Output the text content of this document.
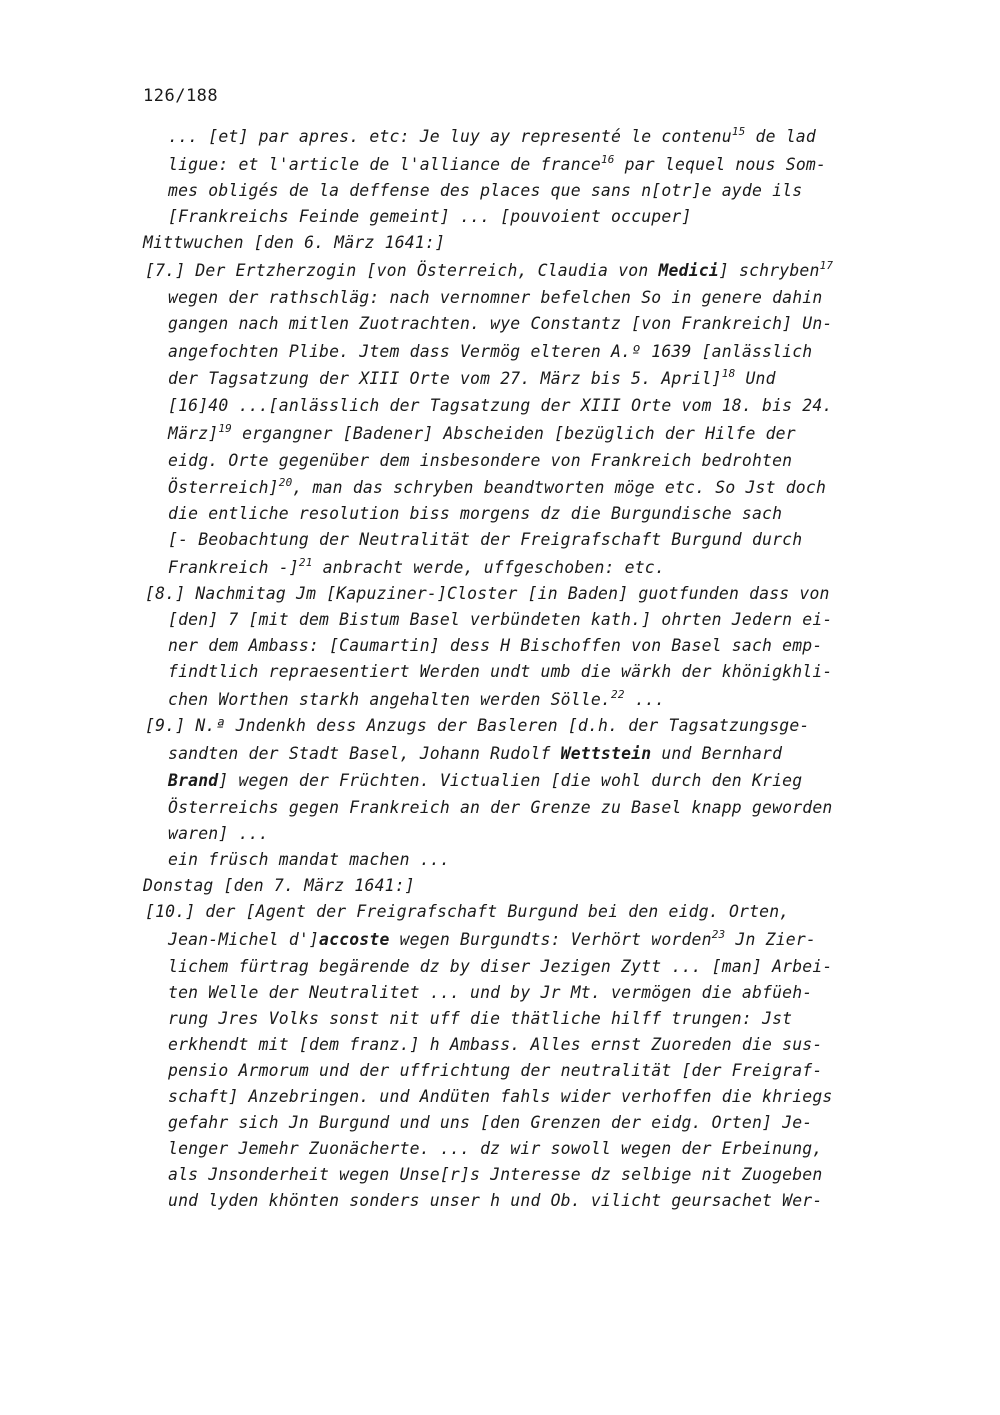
126/188
... [et] par apres. etc: Je luy ay representé le contenu$^{15}$ de lad
ligue: et l'article de l'alliance de france$^{16}$ par lequel nous Som-
mes obligés de la deffense des places que sans n[otr]e ayde ils
[Frankreichs Feinde gemeint] ... [pouvoient occuper]
Mittwuchen [den 6. März 1641:]
[7.] Der Ertzherzogin [von Österreich, Claudia von Medici] schryben$^{17}$
wegen der rathschläg: nach vernomner befelchen So in genere dahin
gangen nach mitlen Zuotrachten. wye Constantz [von Frankreich] Un-
angefochten Plibe. Jtem dass Vermög elteren A.º 1639 [anlässlich
der Tagsatzung der XIII Orte vom 27. März bis 5. April]$^{18}$ Und
[16]40 ...[anlässlich der Tagsatzung der XIII Orte vom 18. bis 24.
März]$^{19}$ ergangner [Badener] Abscheiden [bezüglich der Hilfe der
eidg. Orte gegenüber dem insbesondere von Frankreich bedrohten
Österreich]$^{20}$, man das schryben beandtworten möge etc. So Jst doch
die entliche resolution biss morgens dz die Burgundische sach
[- Beobachtung der Neutralität der Freigrafschaft Burgund durch
Frankreich -]$^{21}$ anbracht werde, uffgeschoben: etc.
[8.] Nachmitag Jm [Kapuziner-]Closter [in Baden] guotfunden dass von
[den] 7 [mit dem Bistum Basel verbündeten kath.] ohrten Jedern ei-
ner dem Ambass: [Caumartin] dess H Bischoffen von Basel sach emp-
findtlich repraesentiert Werden undt umb die wärkh der khönigkhli-
chen Worthen starkh angehalten werden Sölle.$^{22}$ ...
[9.] N.ª Jndenkh dess Anzugs der Basleren [d.h. der Tagsatzungsge-
sandten der Stadt Basel, Johann Rudolf Wettstein und Bernhard
Brand] wegen der Früchten. Victualien [die wohl durch den Krieg
Österreichs gegen Frankreich an der Grenze zu Basel knapp geworden
waren] ...
ein früsch mandat machen ...
Donstag [den 7. März 1641:]
[10.] der [Agent der Freigrafschaft Burgund bei den eidg. Orten,
Jean-Michel d']accoste wegen Burgundts: Verhört worden$^{23}$ Jn Zier-
lichem fürtrag begärende dz by diser Jezigen Zytt ... [man] Arbei-
ten Welle der Neutralitet ... und by Jr Mt. vermögen die abfüeh-
rung Jres Volks sonst nit uff die thätliche hilff trungen: Jst
erkhendt mit [dem franz.] h Ambass. Alles ernst Zuoreden die sus-
pensio Armorum und der uffrichtung der neutralität [der Freigraf-
schaft] Anzebringen. und Andüten fahls wider verhoffen die khriegs
gefahr sich Jn Burgund und uns [den Grenzen der eidg. Orten] Je-
lenger Jemehr Zuonächerte. ... dz wir sowoll wegen der Erbeinung,
als Jnsonderheit wegen Unse[r]s Jnteresse dz selbige nit Zuogeben
und lyden khönten sonders unser h und Ob. vilicht geursachet Wer-
